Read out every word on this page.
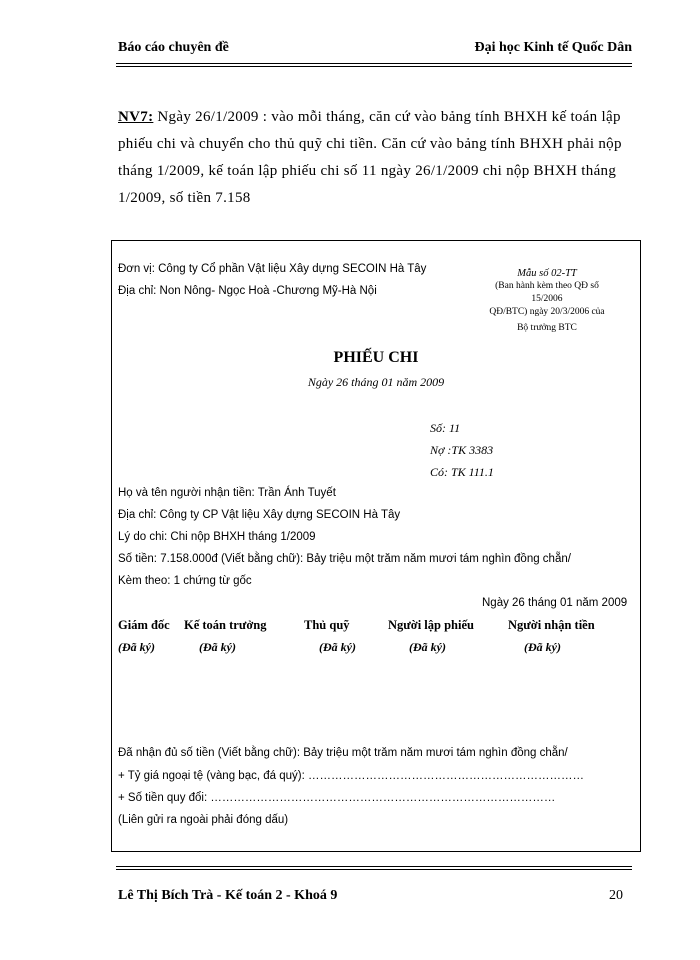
Báo cáo chuyên đề	Đại học Kinh tế Quốc Dân
NV7: Ngày 26/1/2009 : vào mỗi tháng, căn cứ vào bảng tính BHXH kế toán lập phiếu chi và chuyển cho thủ quỹ chi tiền. Căn cứ vào bảng tính BHXH phải nộp tháng 1/2009, kế toán lập phiếu chi số 11 ngày 26/1/2009 chi nộp BHXH tháng 1/2009, số tiền 7.158
Đơn vị: Công ty Cổ phần Vật liệu Xây dựng SECOIN Hà Tây
Địa chỉ: Non Nông- Ngọc Hoà -Chương Mỹ-Hà Nội
Mẫu số 02-TT
(Ban hành kèm theo QĐ số
15/2006
QĐ/BTC) ngày 20/3/2006 của
Bộ trưởng BTC
PHIẾU CHI
Ngày 26 tháng 01 năm 2009
Số: 11
Nợ :TK 3383
Có: TK 111.1
Họ và tên người nhận tiền: Trần Ánh Tuyết
Địa chỉ: Công ty CP Vật liệu Xây dựng SECOIN Hà Tây
Lý do chi: Chi nộp BHXH tháng 1/2009
Số tiền: 7.158.000đ (Viết bằng chữ): Bảy triệu một trăm năm mươi tám nghìn đồng chẵn/
Kèm theo: 1 chứng từ gốc
Ngày 26 tháng 01 năm 2009
Giám đốc Kế toán trưởng	Thủ quỹ	Người lập phiếu	Người nhận tiền
(Đã ký)	(Đã ký)	(Đã ký)	(Đã ký)	(Đã ký)
Đã nhận đủ số tiền (Viết bằng chữ): Bảy triệu một trăm năm mươi tám nghìn đồng chẵn/
+ Tỷ giá ngoại tệ (vàng bạc, đá quý): ………………………………………………………………
+ Số tiền quy đổi: ………………………………………………………………………………
(Liên gửi ra ngoài phải đóng dấu)
Lê Thị Bích Trà - Kế toán 2 - Khoá 9	20
